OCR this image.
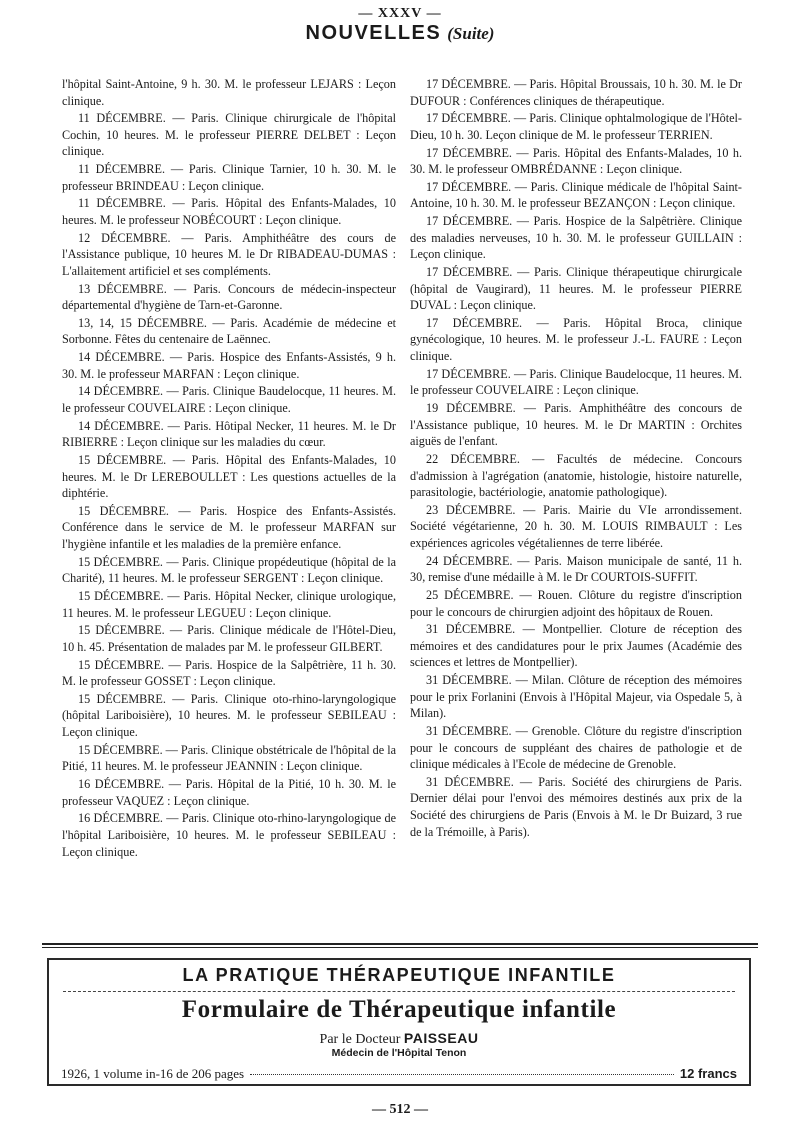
— XXXV —
NOUVELLES (Suite)

l'hôpital Saint-Antoine, 9 h. 30. M. le professeur LEJARS : Leçon clinique.

11 DÉCEMBRE. — Paris. Clinique chirurgicale de l'hôpital Cochin, 10 heures. M. le professeur PIERRE DELBET : Leçon clinique.

11 DÉCEMBRE. — Paris. Clinique Tarnier, 10 h. 30. M. le professeur BRINDEAU : Leçon clinique.

11 DÉCEMBRE. — Paris. Hôpital des Enfants-Malades, 10 heures. M. le professeur NOBÉCOURT : Leçon clinique.

12 DÉCEMBRE. — Paris. Amphithéâtre des cours de l'Assistance publique, 10 heures M. le Dr RIBADEAU-DUMAS : L'allaitement artificiel et ses compléments.

13 DÉCEMBRE. — Paris. Concours de médecin-inspecteur départemental d'hygiène de Tarn-et-Garonne.

13, 14, 15 DÉCEMBRE. — Paris. Académie de médecine et Sorbonne. Fêtes du centenaire de Laënnec.

14 DÉCEMBRE. — Paris. Hospice des Enfants-Assistés, 9 h. 30. M. le professeur MARFAN : Leçon clinique.

14 DÉCEMBRE. — Paris. Clinique Baudelocque, 11 heures. M. le professeur COUVELAIRE : Leçon clinique.

14 DÉCEMBRE. — Paris. Hôtipal Necker, 11 heures. M. le Dr RIBIERRE : Leçon clinique sur les maladies du cœur.

15 DÉCEMBRE. — Paris. Hôpital des Enfants-Malades, 10 heures. M. le Dr LEREBOULLET : Les questions actuelles de la diphtérie.

15 DÉCEMBRE. — Paris. Hospice des Enfants-Assistés. Conférence dans le service de M. le professeur MARFAN sur l'hygiène infantile et les maladies de la première enfance.

15 DÉCEMBRE. — Paris. Clinique propédeutique (hôpital de la Charité), 11 heures. M. le professeur SERGENT : Leçon clinique.

15 DÉCEMBRE. — Paris. Hôpital Necker, clinique urologique, 11 heures. M. le professeur LEGUEU : Leçon clinique.

15 DÉCEMBRE. — Paris. Clinique médicale de l'Hôtel-Dieu, 10 h. 45. Présentation de malades par M. le professeur GILBERT.

15 DÉCEMBRE. — Paris. Hospice de la Salpêtrière, 11 h. 30. M. le professeur GOSSET : Leçon clinique.

15 DÉCEMBRE. — Paris. Clinique oto-rhino-laryngologique (hôpital Lariboisière), 10 heures. M. le professeur SEBILEAU : Leçon clinique.

15 DÉCEMBRE. — Paris. Clinique obstétricale de l'hôpital de la Pitié, 11 heures. M. le professeur JEANNIN : Leçon clinique.

16 DÉCEMBRE. — Paris. Hôpital de la Pitié, 10 h. 30. M. le professeur VAQUEZ : Leçon clinique.

16 DÉCEMBRE. — Paris. Clinique oto-rhino-laryngologique de l'hôpital Lariboisière, 10 heures. M. le professeur SEBILEAU : Leçon clinique.

17 DÉCEMBRE. — Paris. Hôpital Broussais, 10 h. 30. M. le Dr DUFOUR : Conférences cliniques de thérapeutique.

17 DÉCEMBRE. — Paris. Clinique ophtalmologique de l'Hôtel-Dieu, 10 h. 30. Leçon clinique de M. le professeur TERRIEN.

17 DÉCEMBRE. — Paris. Hôpital des Enfants-Malades, 10 h. 30. M. le professeur OMBRÉDANNE : Leçon clinique.

17 DÉCEMBRE. — Paris. Clinique médicale de l'hôpital Saint-Antoine, 10 h. 30. M. le professeur BEZANÇON : Leçon clinique.

17 DÉCEMBRE. — Paris. Hospice de la Salpêtrière. Clinique des maladies nerveuses, 10 h. 30. M. le professeur GUILLAIN : Leçon clinique.

17 DÉCEMBRE. — Paris. Clinique thérapeutique chirurgicale (hôpital de Vaugirard), 11 heures. M. le professeur PIERRE DUVAL : Leçon clinique.

17 DÉCEMBRE. — Paris. Hôpital Broca, clinique gynécologique, 10 heures. M. le professeur J.-L. FAURE : Leçon clinique.

17 DÉCEMBRE. — Paris. Clinique Baudelocque, 11 heures. M. le professeur COUVELAIRE : Leçon clinique.

19 DÉCEMBRE. — Paris. Amphithéâtre des concours de l'Assistance publique, 10 heures. M. le Dr MARTIN : Orchites aiguës de l'enfant.

22 DÉCEMBRE. — Facultés de médecine. Concours d'admission à l'agrégation (anatomie, histologie, histoire naturelle, parasitologie, bactériologie, anatomie pathologique).

23 DÉCEMBRE. — Paris. Mairie du VIe arrondissement. Société végétarienne, 20 h. 30. M. LOUIS RIMBAULT : Les expériences agricoles végétaliennes de terre libérée.

24 DÉCEMBRE. — Paris. Maison municipale de santé, 11 h. 30, remise d'une médaille à M. le Dr COURTOIS-SUFFIT.

25 DÉCEMBRE. — Rouen. Clôture du registre d'inscription pour le concours de chirurgien adjoint des hôpitaux de Rouen.

31 DÉCEMBRE. — Montpellier. Cloture de réception des mémoires et des candidatures pour le prix Jaumes (Académie des sciences et lettres de Montpellier).

31 DÉCEMBRE. — Milan. Clôture de réception des mémoires pour le prix Forlanini (Envois à l'Hôpital Majeur, via Ospedale 5, à Milan).

31 DÉCEMBRE. — Grenoble. Clôture du registre d'inscription pour le concours de suppléant des chaires de pathologie et de clinique médicales à l'Ecole de médecine de Grenoble.

31 DÉCEMBRE. — Paris. Société des chirurgiens de Paris. Dernier délai pour l'envoi des mémoires destinés aux prix de la Société des chirurgiens de Paris (Envois à M. le Dr Buizard, 3 rue de la Trémoille, à Paris).

LA PRATIQUE THÉRAPEUTIQUE INFANTILE
Formulaire de Thérapeutique infantile
Par le Docteur PAISSEAU
Médecin de l'Hôpital Tenon
1926, 1 volume in-16 de 206 pages	12 francs
— 512 —
